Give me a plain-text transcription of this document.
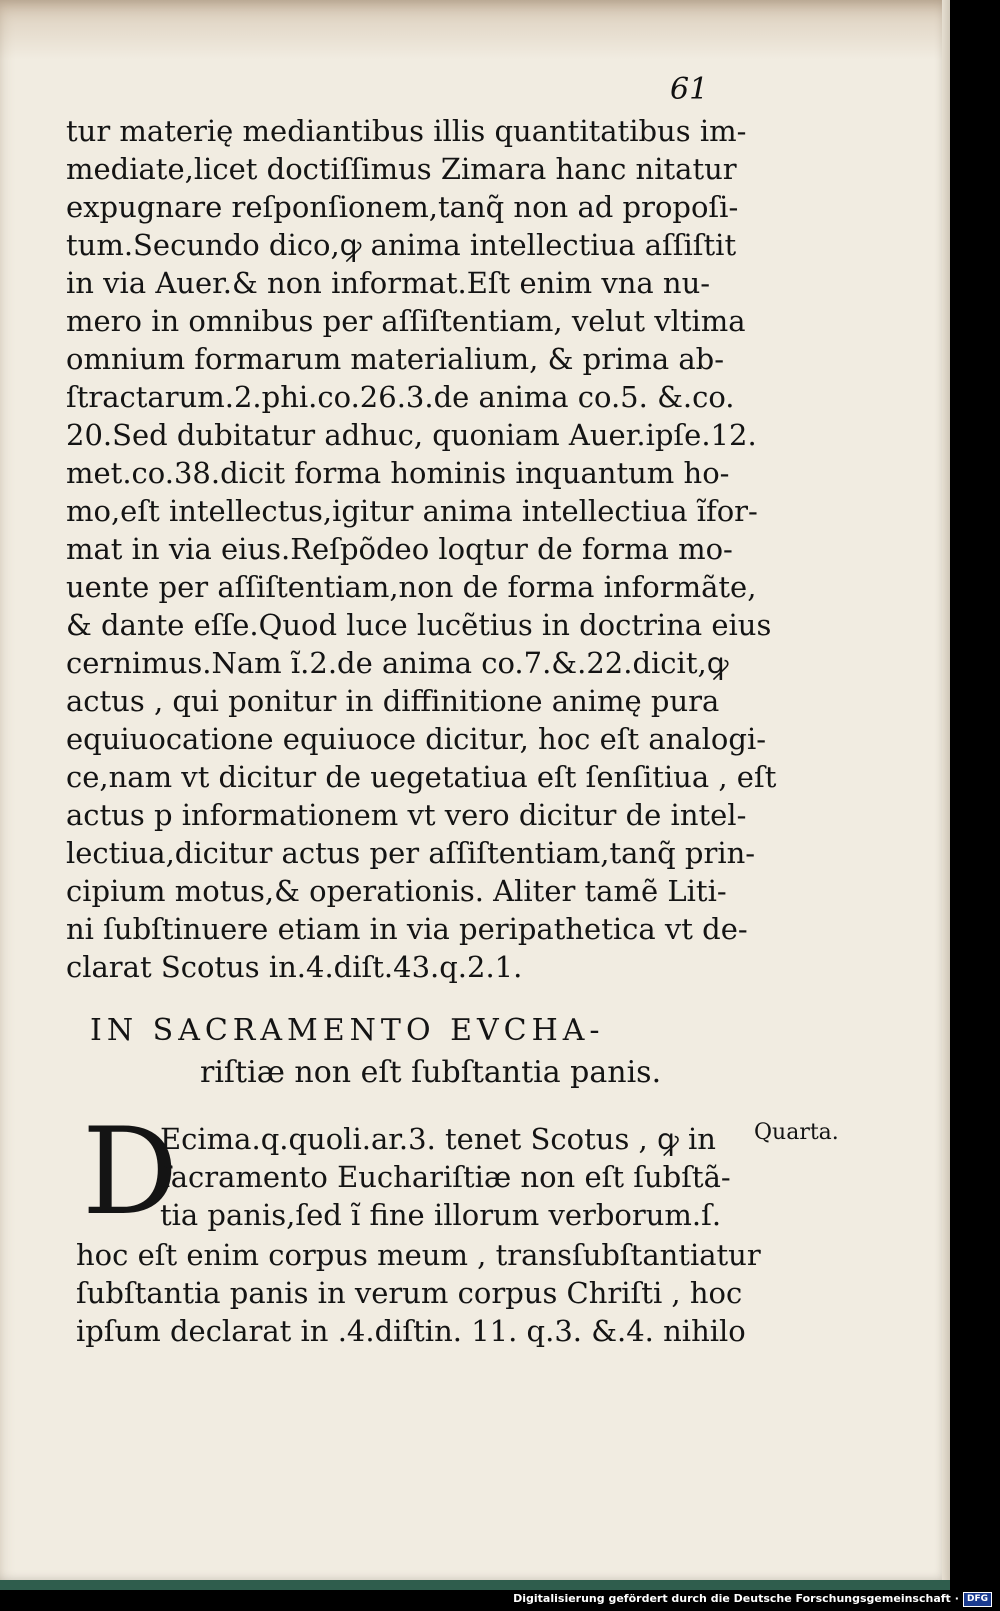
61
tur materię mediantibus illis quantitatibus im-
mediate,licet doctiſſimus Zimara hanc nitatur
expugnare reſponſionem,tanq̃ non ad propoſi-
tum.Secundo dico,ꝙ anima intellectiua aſſiſtit
in via Auer.& non informat.Eſt enim vna nu-
mero in omnibus per aſſiſtentiam, velut vltima
omnium formarum materialium, & prima ab-
ſtractarum.2.phi.co.26.3.de anima co.5. &.co.
20.Sed dubitatur adhuc, quoniam Auer.ipſe.12.
met.co.38.dicit forma hominis inquantum ho-
mo,eſt intellectus,igitur anima intellectiua ĩfor-
mat in via eius.Reſpõdeo loqtur de forma mo-
uente per aſſiſtentiam,non de forma informãte,
& dante eſſe.Quod luce lucẽtius in doctrina eius
cernimus.Nam ĩ.2.de anima co.7.&.22.dicit,ꝙ
actus , qui ponitur in diffinitione animę pura
equiuocatione equiuoce dicitur, hoc eſt analogi-
ce,nam vt dicitur de uegetatiua eſt ſenſitiua , eſt
actus p informationem vt vero dicitur de intel-
lectiua,dicitur actus per aſſiſtentiam,tanq̃ prin-
cipium motus,& operationis. Aliter tamẽ Liti-
ni ſubſtinuere etiam in via peripathetica vt de-
clarat Scotus in.4.diſt.43.q.2.1.
IN SACRAMENTO EVCHA-
riſtiæ non eſt ſubſtantia panis.
D
Ecima.q.quoli.ar.3. tenet Scotus , ꝙ in
ſacramento Euchariſtiæ non eſt ſubſtã-
tia panis,ſed ĩ fine illorum verborum.ſ.
hoc eſt enim corpus meum , transſubſtantiatur
ſubſtantia panis in verum corpus Chriſti , hoc
ipſum declarat in .4.diſtin. 11. q.3. &.4. nihilo
Quarta.
Digitalisierung gefördert durch die Deutsche Forschungsgemeinschaft · DFG
